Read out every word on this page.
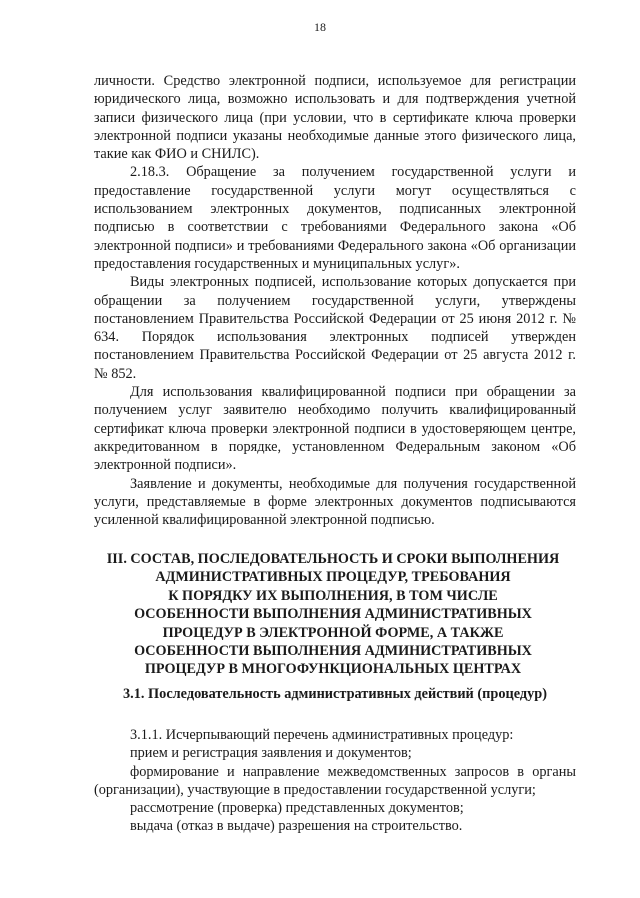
18

личности. Средство электронной подписи, используемое для регистрации юридического лица, возможно использовать и для подтверждения учетной записи физического лица (при условии, что в сертификате ключа проверки электронной подписи указаны необходимые данные этого физического лица, такие как ФИО и СНИЛС).

2.18.3. Обращение за получением государственной услуги и предоставление государственной услуги могут осуществляться с использованием электронных документов, подписанных электронной подписью в соответствии с требованиями Федерального закона «Об электронной подписи» и требованиями Федерального закона «Об организации предоставления государственных и муниципальных услуг».

Виды электронных подписей, использование которых допускается при обращении за получением государственной услуги, утверждены постановлением Правительства Российской Федерации от 25 июня 2012 г. № 634. Порядок использования электронных подписей утвержден постановлением Правительства Российской Федерации от 25 августа 2012 г. № 852.

Для использования квалифицированной подписи при обращении за получением услуг заявителю необходимо получить квалифицированный сертификат ключа проверки электронной подписи в удостоверяющем центре, аккредитованном в порядке, установленном Федеральным законом «Об электронной подписи».

Заявление и документы, необходимые для получения государственной услуги, представляемые в форме электронных документов подписываются усиленной квалифицированной электронной подписью.

III. СОСТАВ, ПОСЛЕДОВАТЕЛЬНОСТЬ И СРОКИ ВЫПОЛНЕНИЯ
АДМИНИСТРАТИВНЫХ ПРОЦЕДУР, ТРЕБОВАНИЯ
К ПОРЯДКУ ИХ ВЫПОЛНЕНИЯ, В ТОМ ЧИСЛЕ
ОСОБЕННОСТИ ВЫПОЛНЕНИЯ АДМИНИСТРАТИВНЫХ
ПРОЦЕДУР В ЭЛЕКТРОННОЙ ФОРМЕ, А ТАКЖЕ
ОСОБЕННОСТИ ВЫПОЛНЕНИЯ АДМИНИСТРАТИВНЫХ
ПРОЦЕДУР В МНОГОФУНКЦИОНАЛЬНЫХ ЦЕНТРАХ
3.1. Последовательность административных действий (процедур)

3.1.1. Исчерпывающий перечень административных процедур:

прием и регистрация заявления и документов;

формирование и направление межведомственных запросов в органы (организации), участвующие в предоставлении государственной услуги;

рассмотрение (проверка) представленных документов;

выдача (отказ в выдаче) разрешения на строительство.
